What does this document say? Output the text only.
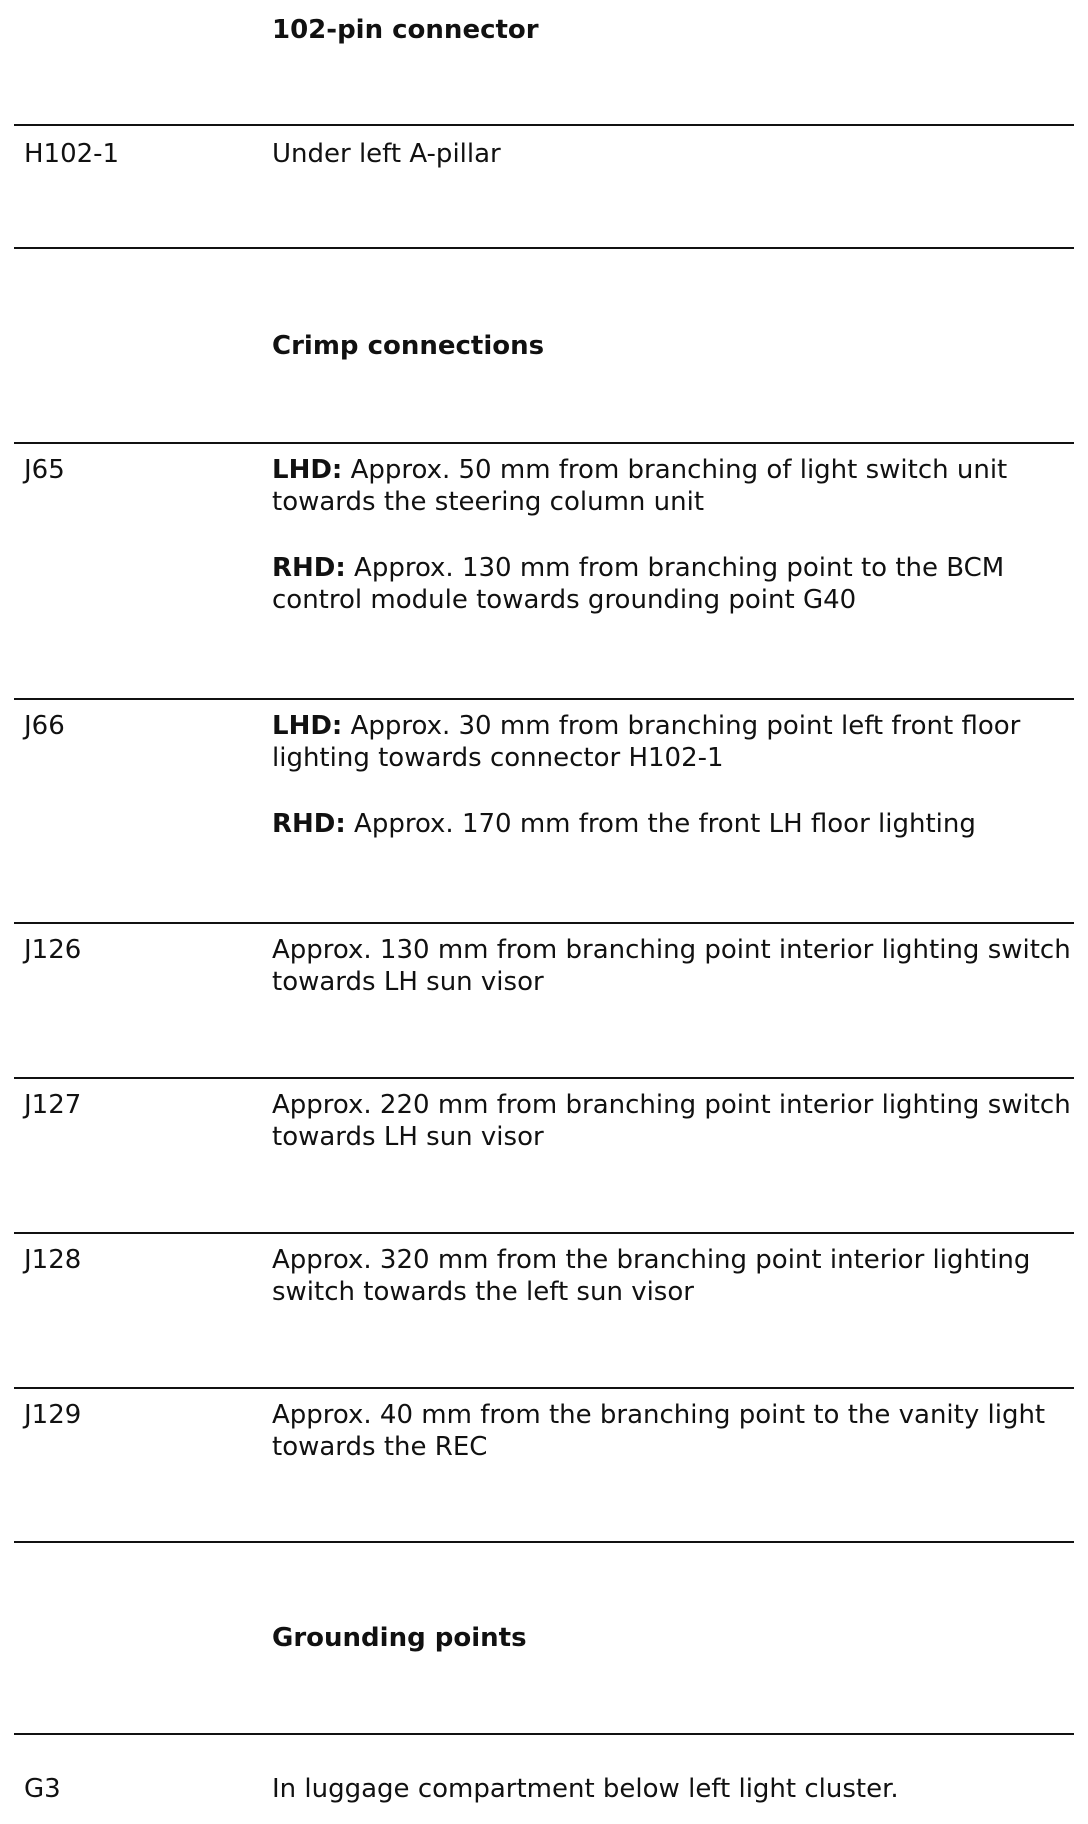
102-pin connector
H102-1	Under left A-pillar

Crimp connections
J65	LHD: Approx. 50 mm from branching of light switch unit towards the steering column unit

RHD: Approx. 130 mm from branching point to the BCM control module towards grounding point G40

J66	LHD: Approx. 30 mm from branching point left front floor lighting towards connector H102-1

RHD: Approx. 170 mm from the front LH floor lighting

J126	Approx. 130 mm from branching point interior lighting switch towards LH sun visor

J127	Approx. 220 mm from branching point interior lighting switch towards LH sun visor

J128	Approx. 320 mm from the branching point interior lighting switch towards the left sun visor

J129	Approx. 40 mm from the branching point to the vanity light towards the REC

Grounding points
G3	In luggage compartment below left light cluster.
